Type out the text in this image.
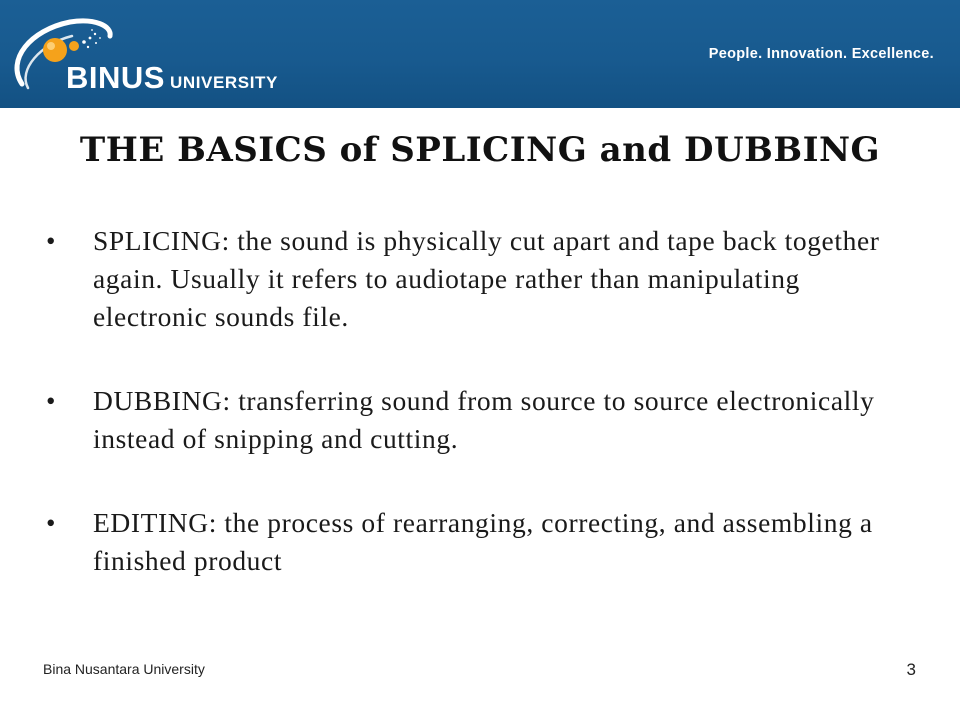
BINUS UNIVERSITY
People. Innovation. Excellence.
THE BASICS of SPLICING and DUBBING
• SPLICING: the sound is physically cut apart and tape back together again. Usually it refers to audiotape rather than manipulating electronic sounds file.
• DUBBING: transferring sound from source to source electronically instead of snipping and cutting.
• EDITING: the process of rearranging, correcting, and assembling a finished product
Bina Nusantara University	3
